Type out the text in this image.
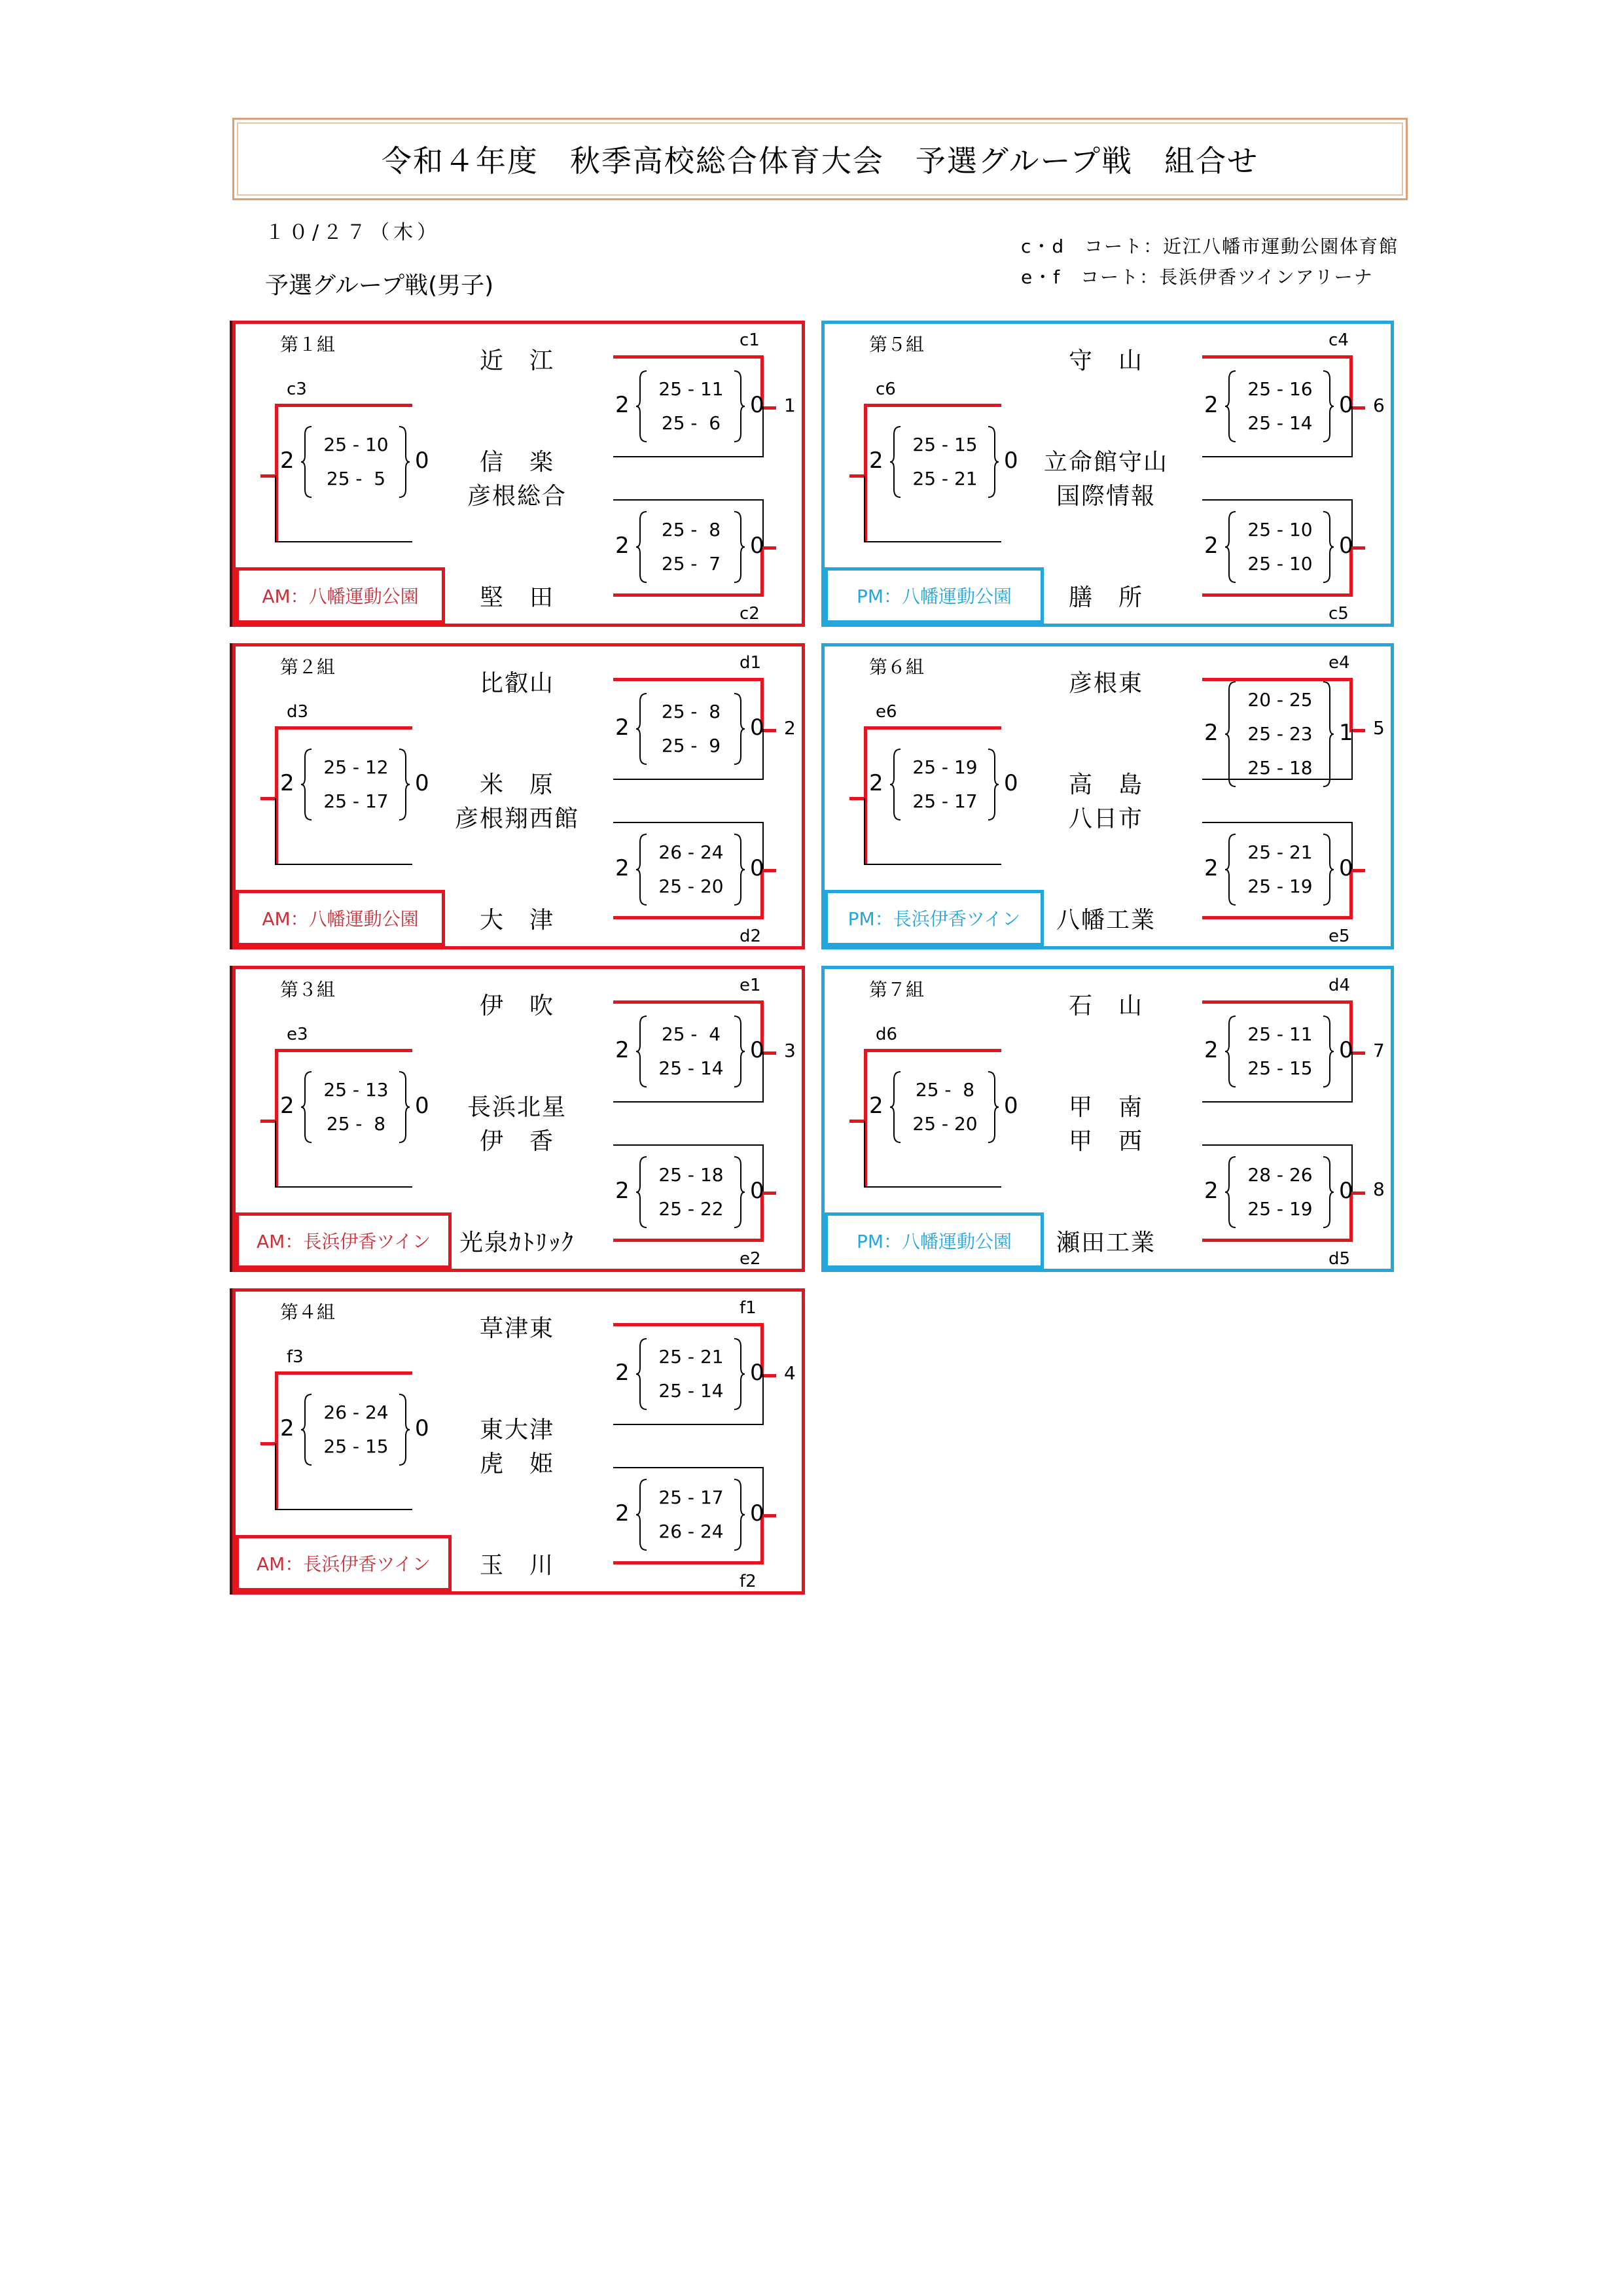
令和４年度　秋季高校総合体育大会　予選グループ戦　組合せ
１０/２７（木）
c・d　コート：近江八幡市運動公園体育館
e・f　コート：長浜伊香ツインアリーナ
予選グループ戦(男子)
第１組
近　江
信　楽
彦根総合
堅　田
c3
2
25 - 10
25 -  5
0
c1
2
25 - 11
25 -  6
0 1
c2
2
25 -  8
25 -  7
0
AM：八幡運動公園
第５組
守　山
立命館守山
国際情報
膳　所
c6
2
25 - 15
25 - 21
0
c4
2
25 - 16
25 - 14
0 6
c5
2
25 - 10
25 - 10
0
PM：八幡運動公園
第２組
比叡山
米　原
彦根翔西館
大　津
d3
2
25 - 12
25 - 17
0
d1
2
25 -  8
25 -  9
0 2
d2
2
26 - 24
25 - 20
0
AM：八幡運動公園
第６組
彦根東
高　島
八日市
八幡工業
e6
2
25 - 19
25 - 17
0
e4
2
20 - 25
25 - 23
25 - 18
1 5
e5
2
25 - 21
25 - 19
0
PM：長浜伊香ツイン
第３組
伊　吹
長浜北星
伊　香
光泉ｶﾄﾘｯｸ
e3
2
25 - 13
25 -  8
0
e1
2
25 -  4
25 - 14
0 3
e2
2
25 - 18
25 - 22
0
AM：長浜伊香ツイン
第７組
石　山
甲　南
甲　西
瀬田工業
d6
2
25 -  8
25 - 20
0
d4
2
25 - 11
25 - 15
0 7
d5
2
28 - 26
25 - 19
0 8
PM：八幡運動公園
第４組
草津東
東大津
虎　姫
玉　川
f3
2
26 - 24
25 - 15
0
f1
2
25 - 21
25 - 14
0 4
f2
2
25 - 17
26 - 24
0
AM：長浜伊香ツイン
